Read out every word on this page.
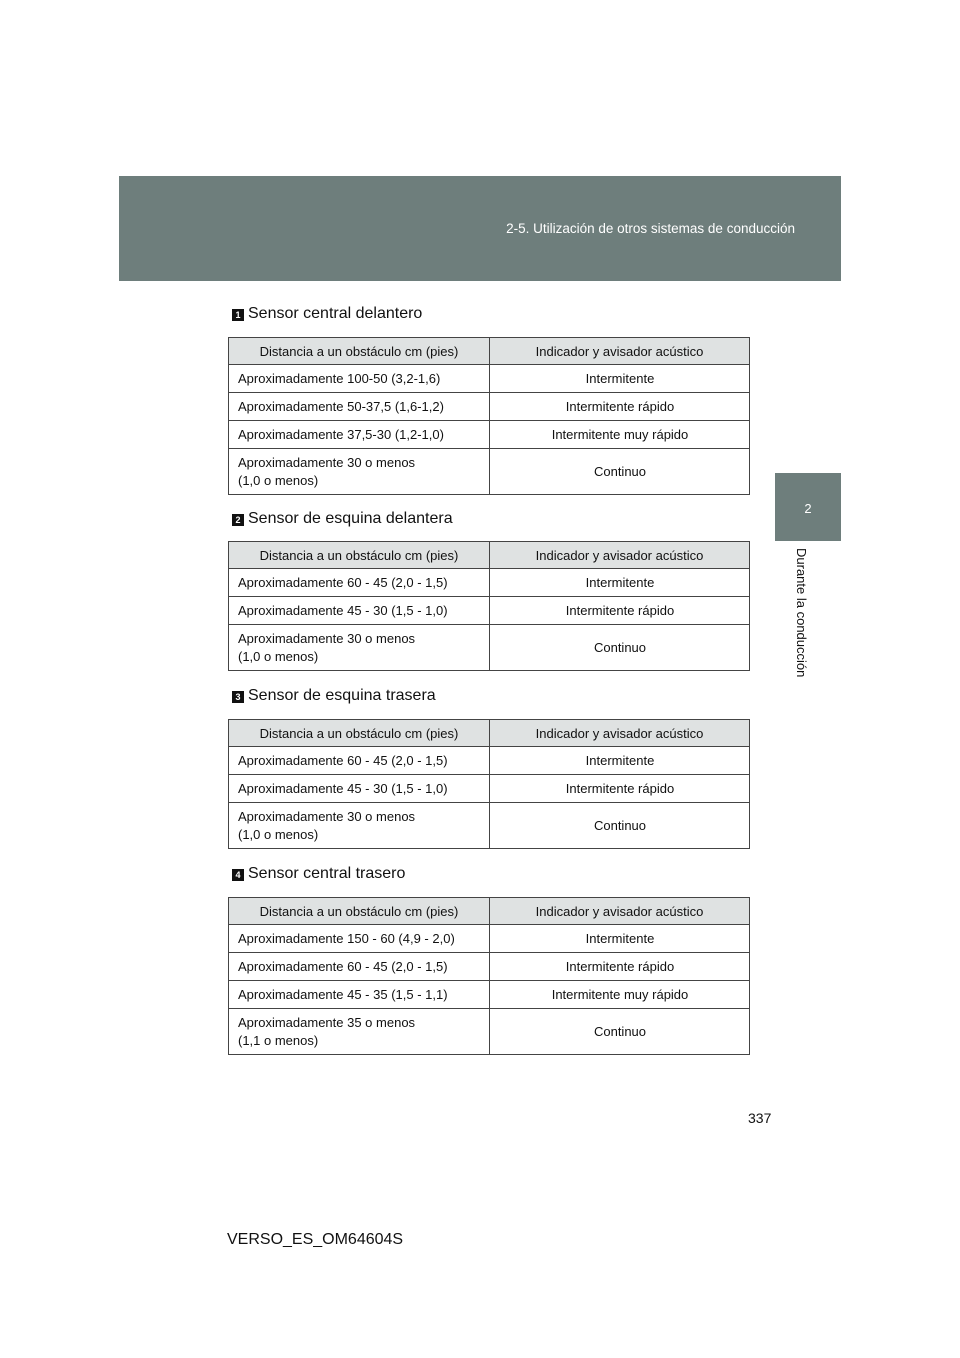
2-5. Utilización de otros sistemas de conducción
2
Durante la conducción
1 Sensor central delantero
Distancia a un obstáculo cm (pies)	Indicador y avisador acústico
Aproximadamente 100-50 (3,2-1,6)	Intermitente
Aproximadamente 50-37,5 (1,6-1,2)	Intermitente rápido
Aproximadamente 37,5-30 (1,2-1,0)	Intermitente muy rápido

Aproximadamente 30 o menos
(1,0 o menos)	Continuo
2 Sensor de esquina delantera
Distancia a un obstáculo cm (pies)	Indicador y avisador acústico
Aproximadamente 60 - 45 (2,0 - 1,5)	Intermitente
Aproximadamente 45 - 30 (1,5 - 1,0)	Intermitente rápido

Aproximadamente 30 o menos
(1,0 o menos)	Continuo
3 Sensor de esquina trasera
Distancia a un obstáculo cm (pies)	Indicador y avisador acústico
Aproximadamente 60 - 45 (2,0 - 1,5)	Intermitente
Aproximadamente 45 - 30 (1,5 - 1,0)	Intermitente rápido

Aproximadamente 30 o menos
(1,0 o menos)	Continuo
4 Sensor central trasero
Distancia a un obstáculo cm (pies)	Indicador y avisador acústico
Aproximadamente 150 - 60 (4,9 - 2,0)	Intermitente
Aproximadamente 60 - 45 (2,0 - 1,5)	Intermitente rápido
Aproximadamente 45 - 35 (1,5 - 1,1)	Intermitente muy rápido

Aproximadamente 35 o menos
(1,1 o menos)	Continuo
337
VERSO_ES_OM64604S
